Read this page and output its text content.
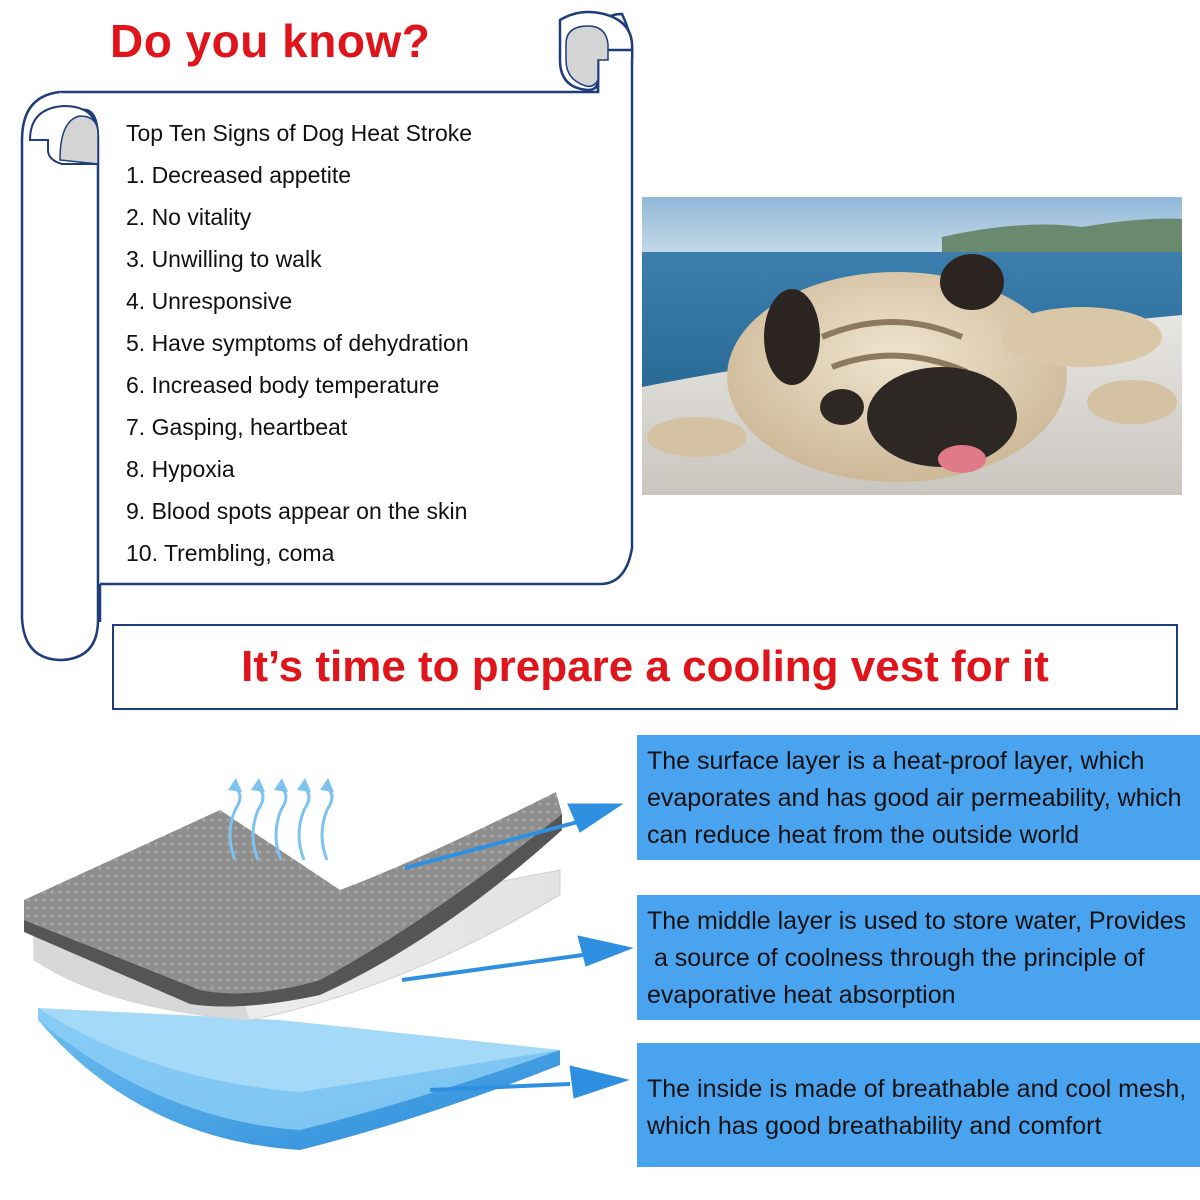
Do you know?
Top Ten Signs of Dog Heat Stroke
1. Decreased appetite
2. No vitality
3. Unwilling to walk
4. Unresponsive
5. Have symptoms of dehydration
6. Increased body temperature
7. Gasping, heartbeat
8. Hypoxia
9. Blood spots appear on the skin
10. Trembling, coma
It’s time to prepare a cooling vest for it
The surface layer is a heat-proof layer, which
evaporates and has good air permeability, which
can reduce heat from the outside world
The middle layer is used to store water, Provides
a source of coolness through the principle of
evaporative heat absorption
The inside is made of breathable and cool mesh,
which has good breathability and comfort
